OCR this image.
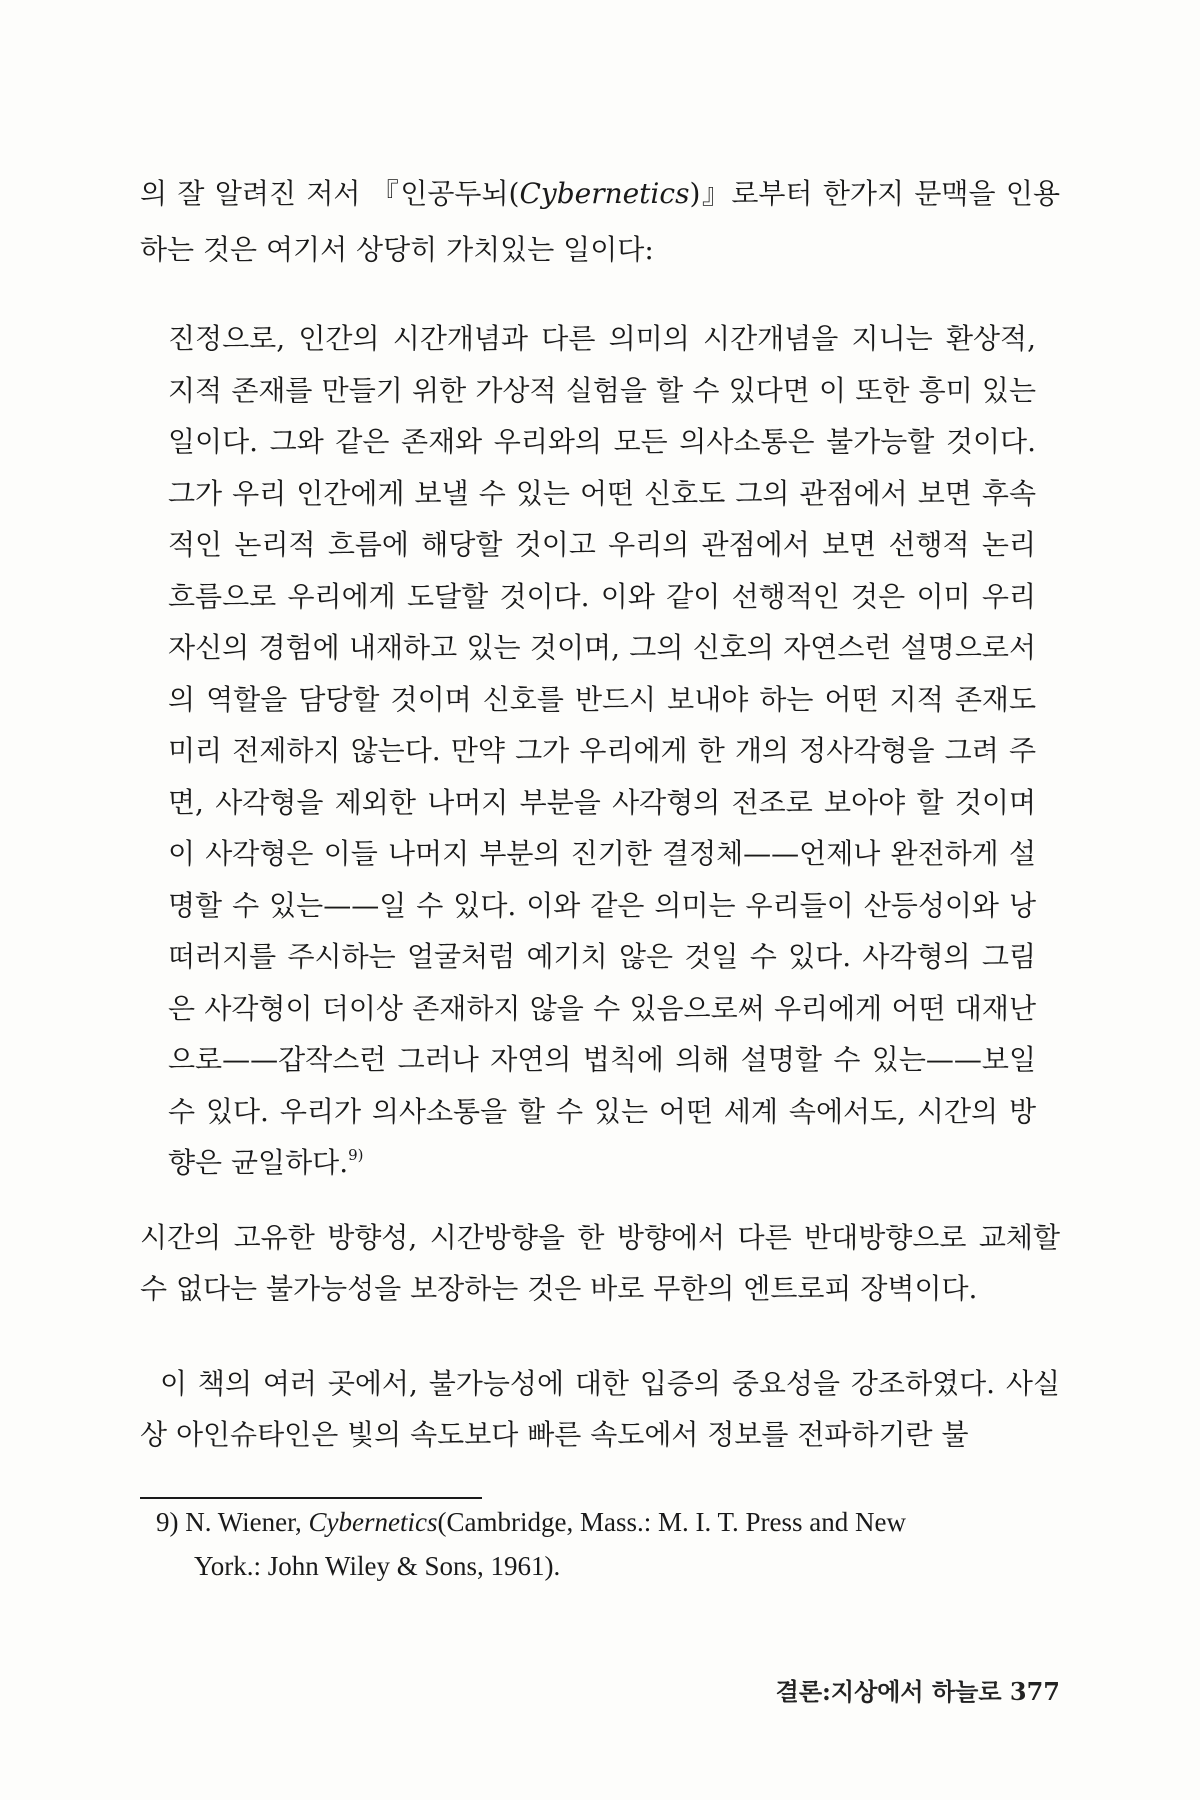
의 잘 알려진 저서 『인공두뇌(Cybernetics)』로부터 한가지 문맥을 인용하는 것은 여기서 상당히 가치있는 일이다:

진정으로, 인간의 시간개념과 다른 의미의 시간개념을 지니는 환상적, 지적 존재를 만들기 위한 가상적 실험을 할 수 있다면 이 또한 흥미 있는 일이다. 그와 같은 존재와 우리와의 모든 의사소통은 불가능할 것이다. 그가 우리 인간에게 보낼 수 있는 어떤 신호도 그의 관점에서 보면 후속적인 논리적 흐름에 해당할 것이고 우리의 관점에서 보면 선행적 논리 흐름으로 우리에게 도달할 것이다. 이와 같이 선행적인 것은 이미 우리 자신의 경험에 내재하고 있는 것이며, 그의 신호의 자연스런 설명으로서의 역할을 담당할 것이며 신호를 반드시 보내야 하는 어떤 지적 존재도 미리 전제하지 않는다. 만약 그가 우리에게 한 개의 정사각형을 그려 주면, 사각형을 제외한 나머지 부분을 사각형의 전조로 보아야 할 것이며 이 사각형은 이들 나머지 부분의 진기한 결정체——언제나 완전하게 설명할 수 있는——일 수 있다. 이와 같은 의미는 우리들이 산등성이와 낭떠러지를 주시하는 얼굴처럼 예기치 않은 것일 수 있다. 사각형의 그림은 사각형이 더이상 존재하지 않을 수 있음으로써 우리에게 어떤 대재난으로——갑작스런 그러나 자연의 법칙에 의해 설명할 수 있는——보일 수 있다. 우리가 의사소통을 할 수 있는 어떤 세계 속에서도, 시간의 방향은 균일하다.$^{9)}$

시간의 고유한 방향성, 시간방향을 한 방향에서 다른 반대방향으로 교체할 수 없다는 불가능성을 보장하는 것은 바로 무한의 엔트로피 장벽이다.

이 책의 여러 곳에서, 불가능성에 대한 입증의 중요성을 강조하였다. 사실상 아인슈타인은 빛의 속도보다 빠른 속도에서 정보를 전파하기란 불

9) N. Wiener, Cybernetics(Cambridge, Mass.: M. I. T. Press and New
York.: John Wiley & Sons, 1961).

결론:지상에서 하늘로 377
